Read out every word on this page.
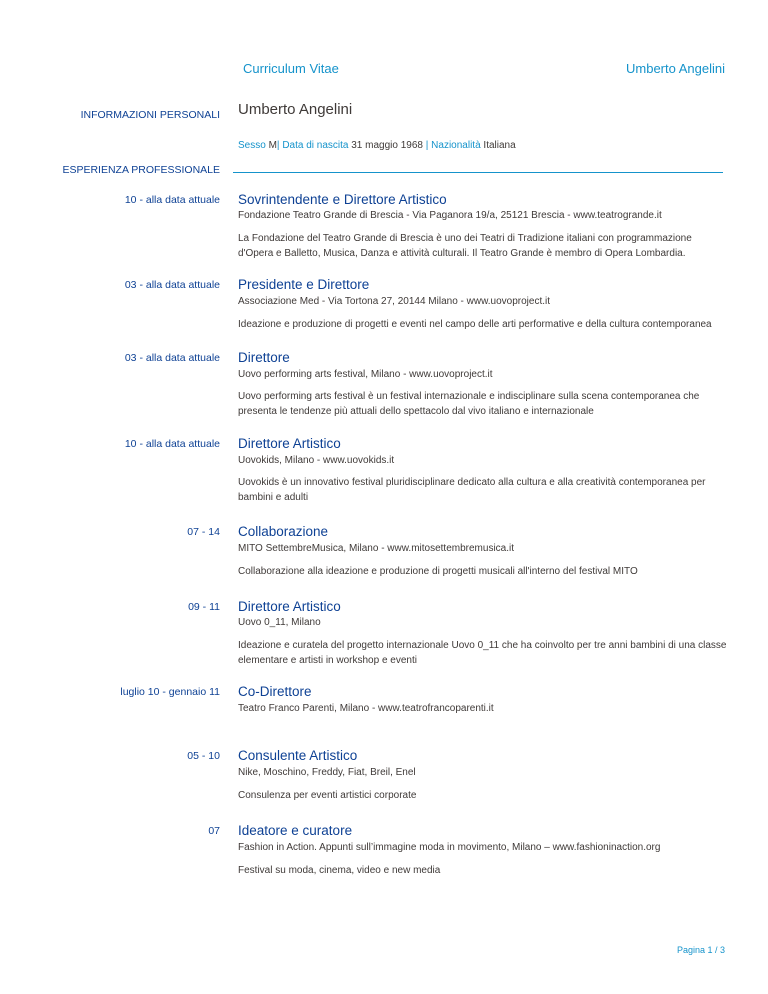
Curriculum Vitae	Umberto Angelini
INFORMAZIONI PERSONALI Umberto Angelini
Sesso M| Data di nascita 31 maggio 1968 | Nazionalità Italiana
ESPERIENZA PROFESSIONALE
10 - alla data attuale Sovrintendente e Direttore Artistico
Fondazione Teatro Grande di Brescia - Via Paganora 19/a, 25121 Brescia - www.teatrogrande.it
La Fondazione del Teatro Grande di Brescia è uno dei Teatri di Tradizione italiani con programmazione d'Opera e Balletto, Musica, Danza e attività culturali. Il Teatro Grande è membro di Opera Lombardia.
03 - alla data attuale Presidente e Direttore
Associazione Med - Via Tortona 27, 20144 Milano - www.uovoproject.it
Ideazione e produzione di progetti e eventi nel campo delle arti performative e della cultura contemporanea
03 - alla data attuale Direttore
Uovo performing arts festival, Milano - www.uovoproject.it
Uovo performing arts festival è un festival internazionale e indisciplinare sulla scena contemporanea che presenta le tendenze più attuali dello spettacolo dal vivo italiano e internazionale
10 - alla data attuale Direttore Artistico
Uovokids, Milano - www.uovokids.it
Uovokids è un innovativo festival pluridisciplinare dedicato alla cultura e alla creatività contemporanea per bambini e adulti
07 - 14 Collaborazione
MITO SettembreMusica, Milano - www.mitosettembremusica.it
Collaborazione alla ideazione e produzione di progetti musicali all'interno del festival MITO
09 - 11 Direttore Artistico
Uovo 0_11, Milano
Ideazione e curatela del progetto internazionale Uovo 0_11 che ha coinvolto per tre anni bambini di una classe elementare e artisti in workshop e eventi
luglio 10 - gennaio 11 Co-Direttore
Teatro Franco Parenti, Milano - www.teatrofrancoparenti.it
05 - 10 Consulente Artistico
Nike, Moschino, Freddy, Fiat, Breil, Enel
Consulenza per eventi artistici corporate
07 Ideatore e curatore
Fashion in Action. Appunti sull’immagine moda in movimento, Milano – www.fashioninaction.org
Festival su moda, cinema, video e new media
Pagina 1 / 3
